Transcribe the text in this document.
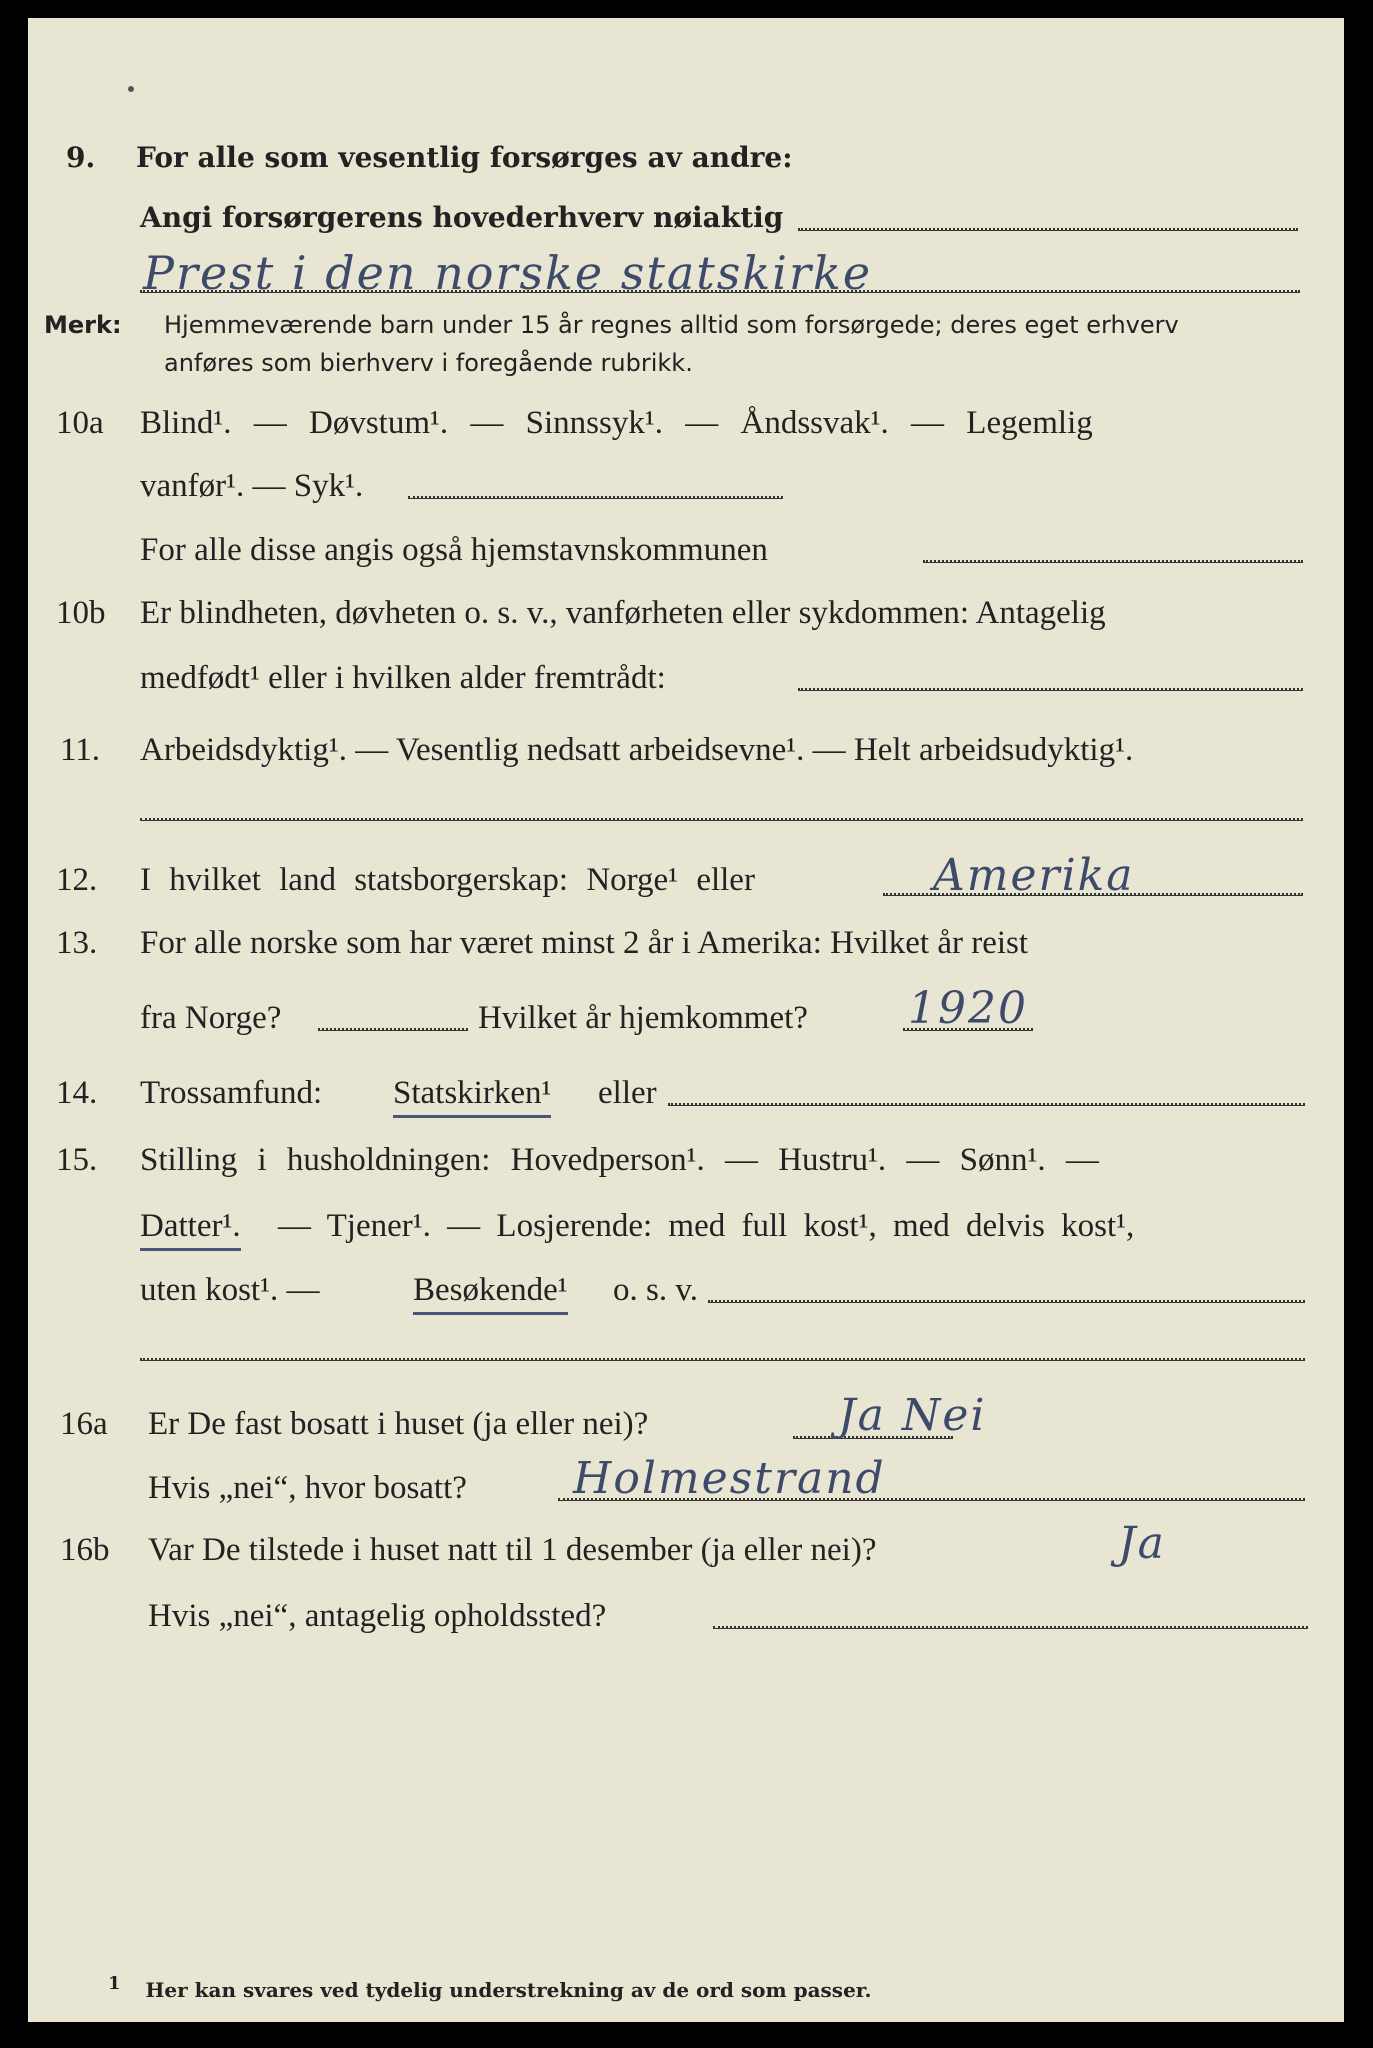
9.	For alle som vesentlig forsørges av andre:
Angi forsørgerens hovederhverv nøiaktig
Prest i den norske statskirke
Merk: Hjemmeværende barn under 15 år regnes alltid som forsørgede; deres eget erhverv

anføres som bierhverv i foregående rubrikk.
10a	Blind¹. — Døvstum¹. — Sinnssyk¹. — Åndssvak¹. — Legemlig
vanfør¹. — Syk¹.
For alle disse angis også hjemstavnskommunen
10b	Er blindheten, døvheten o. s. v., vanførheten eller sykdommen: Antagelig
medfødt¹ eller i hvilken alder fremtrådt:
11.	Arbeidsdyktig¹. — Vesentlig nedsatt arbeidsevne¹. — Helt arbeidsudyktig¹.
12.	I hvilket land statsborgerskap: Norge¹ eller	Amerika
13.	For alle norske som har været minst 2 år i Amerika: Hvilket år reist
fra Norge?	Hvilket år hjemkommet? 1920
14.	Trossamfund: Statskirken¹ eller
15.	Stilling i husholdningen: Hovedperson¹. — Hustru¹. — Sønn¹. —
Datter¹. — Tjener¹. — Losjerende: med full kost¹, med delvis kost¹,
uten kost¹. —	Besøkende¹ o. s. v.
16a	Er De fast bosatt i huset (ja eller nei)?	Ja Nei
Hvis „nei“, hvor bosatt? Holmestrand
16b	Var De tilstede i huset natt til 1 desember (ja eller nei)?	Ja
Hvis „nei“, antagelig opholdssted?
$^1$ Her kan svares ved tydelig understrekning av de ord som passer.
